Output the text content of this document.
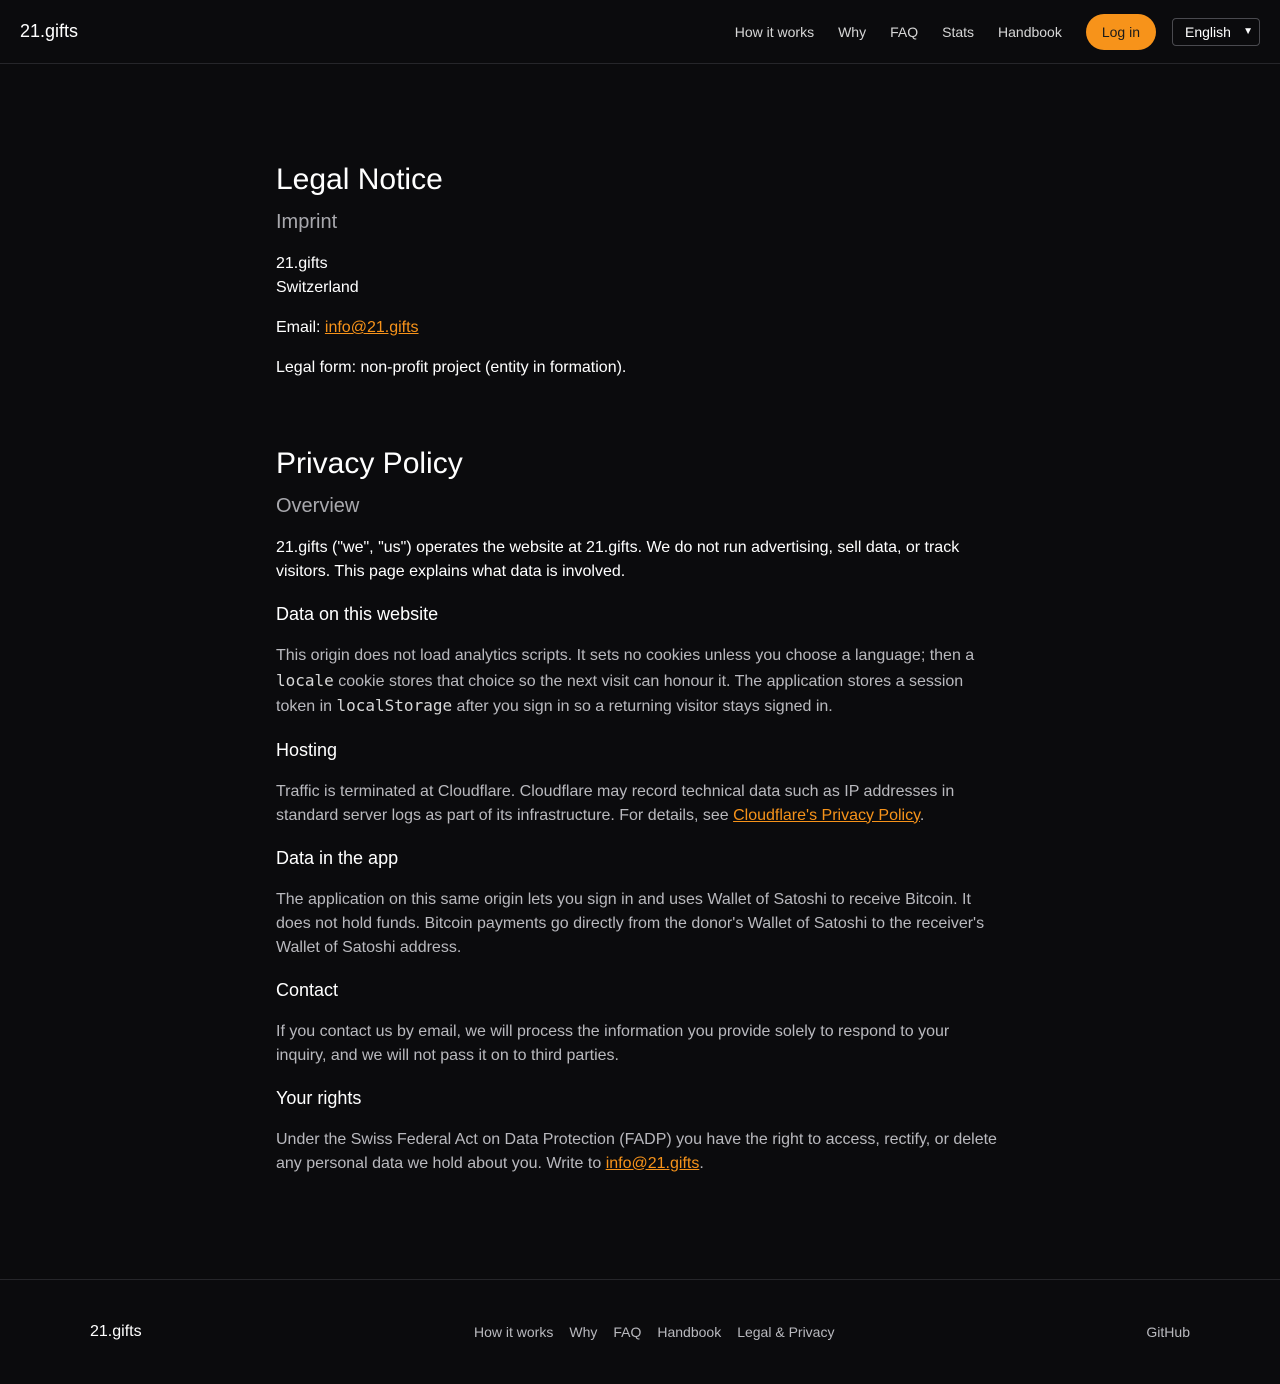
21.gifts	How it works Why FAQ Stats Handbook	Log in	English ▼
Legal Notice
Imprint

21.gifts

Switzerland

Email: info@21.gifts

Legal form: non-profit project (entity in formation).

Privacy Policy
Overview

21.gifts ("we", "us") operates the website at 21.gifts. We do not run advertising, sell data, or track visitors. This page explains what data is involved.

Data on this website

This origin does not load analytics scripts. It sets no cookies unless you choose a language; then a locale cookie stores that choice so the next visit can honour it. The application stores a session token in localStorage after you sign in so a returning visitor stays signed in.

Hosting

Traffic is terminated at Cloudflare. Cloudflare may record technical data such as IP addresses in standard server logs as part of its infrastructure. For details, see Cloudflare's Privacy Policy.

Data in the app

The application on this same origin lets you sign in and uses Wallet of Satoshi to receive Bitcoin. It does not hold funds. Bitcoin payments go directly from the donor's Wallet of Satoshi to the receiver's Wallet of Satoshi address.

Contact

If you contact us by email, we will process the information you provide solely to respond to your inquiry, and we will not pass it on to third parties.

Your rights

Under the Swiss Federal Act on Data Protection (FADP) you have the right to access, rectify, or delete any personal data we hold about you. Write to info@21.gifts.

21.gifts	How it works Why FAQ Handbook Legal & Privacy	GitHub
